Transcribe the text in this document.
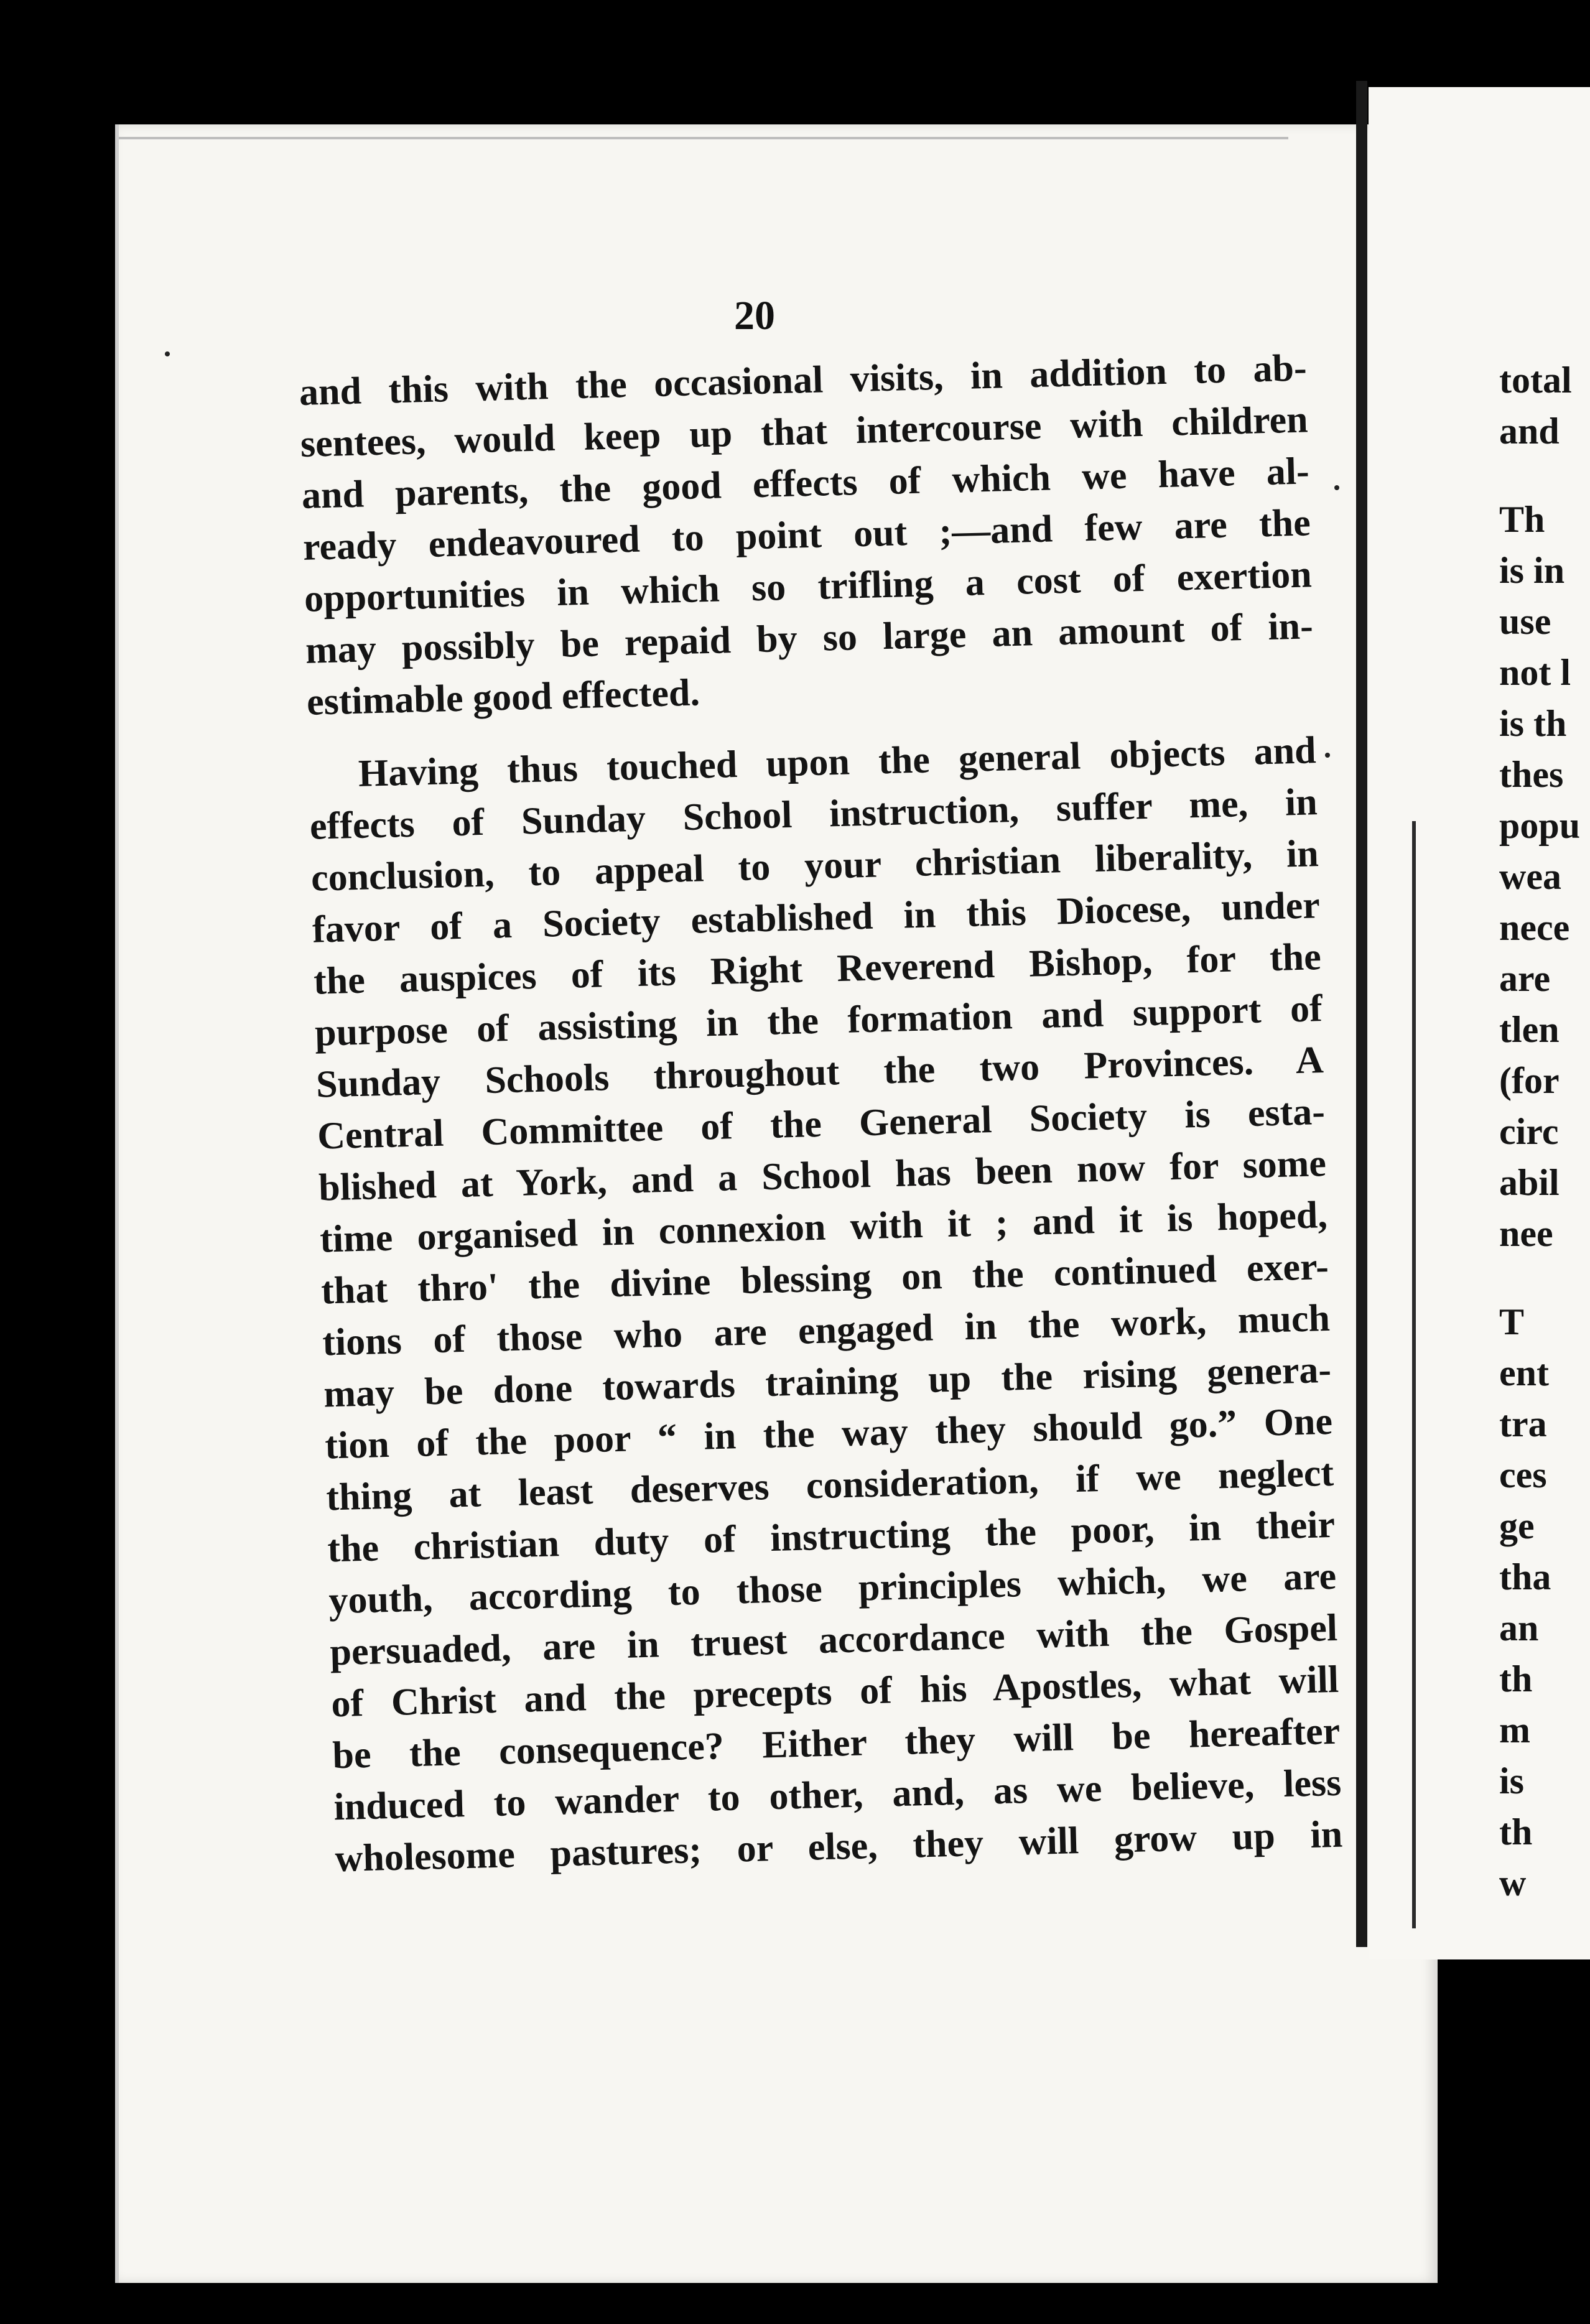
20
and this with the occasional visits, in addition to ab-
sentees, would keep up that intercourse with children
and parents, the good effects of which we have al-
ready endeavoured to point out ;—and few are the
opportunities in which so trifling a cost of exertion
may possibly be repaid by so large an amount of in-
estimable good effected.
Having thus touched upon the general objects and
effects of Sunday School instruction, suffer me, in
conclusion, to appeal to your christian liberality, in
favor of a Society established in this Diocese, under
the auspices of its Right Reverend Bishop, for the
purpose of assisting in the formation and support of
Sunday Schools throughout the two Provinces. A
Central Committee of the General Society is esta-
blished at York, and a School has been now for some
time organised in connexion with it ; and it is hoped,
that thro' the divine blessing on the continued exer-
tions of those who are engaged in the work, much
may be done towards training up the rising genera-
tion of the poor “ in the way they should go.” One
thing at least deserves consideration, if we neglect
the christian duty of instructing the poor, in their
youth, according to those principles which, we are
persuaded, are in truest accordance with the Gospel
of Christ and the precepts of his Apostles, what will
be the consequence? Either they will be hereafter
induced to wander to other, and, as we believe, less
wholesome pastures; or else, they will grow up in
total
and
Th
is in
use
not l
is th
thes
popu
wea
nece
are
tlen
(for
circ
abil
nee
T
ent
tra
ces
ge
tha
an
th
m
is
th
w
